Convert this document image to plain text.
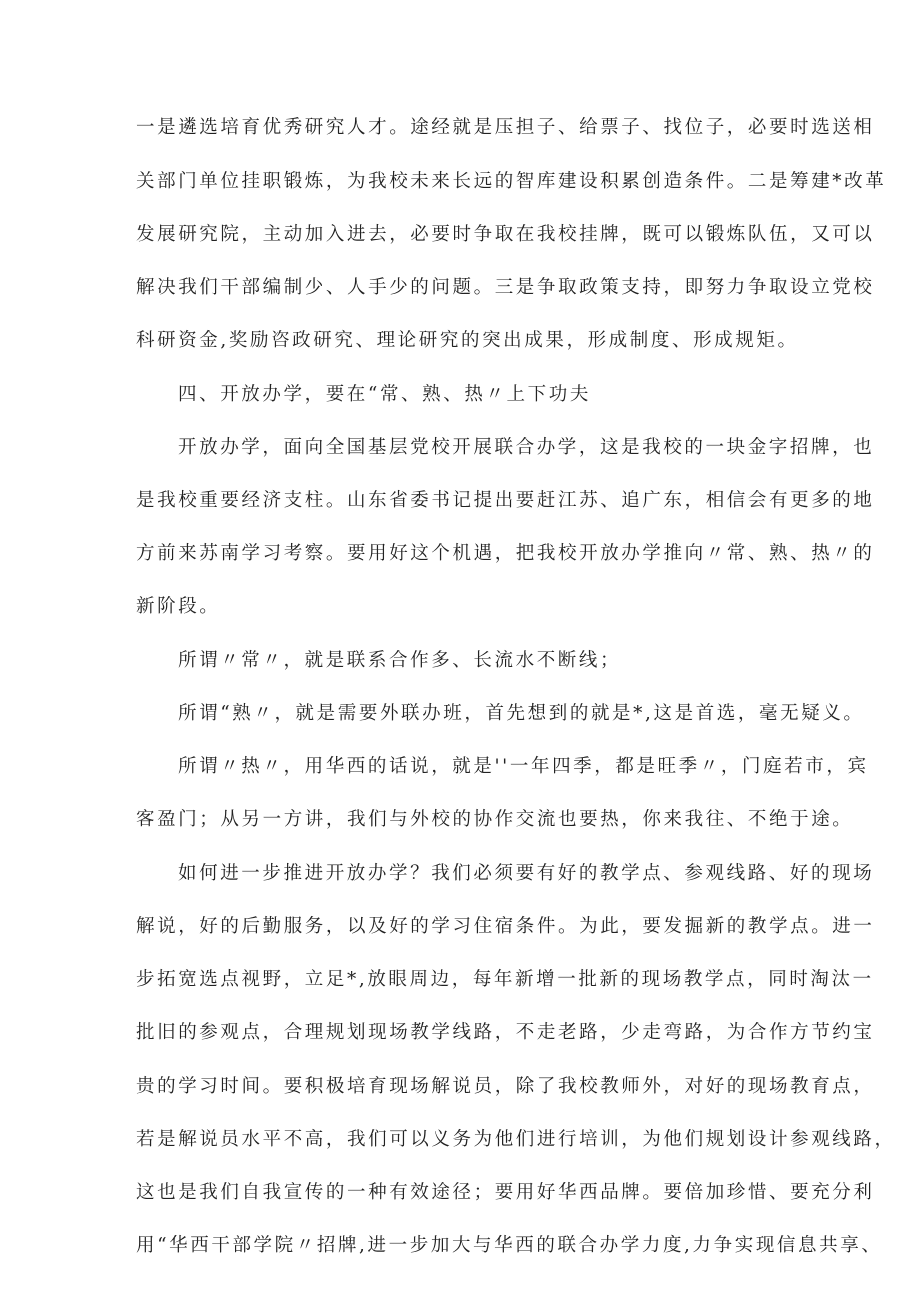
一是遴选培育优秀研究人才。途经就是压担子、给票子、找位子，必要时选送相
关部门单位挂职锻炼，为我校未来长远的智库建设积累创造条件。二是筹建*改革
发展研究院，主动加入进去，必要时争取在我校挂牌，既可以锻炼队伍，又可以
解决我们干部编制少、人手少的问题。三是争取政策支持，即努力争取设立党校
科研资金,奖励咨政研究、理论研究的突出成果，形成制度、形成规矩。
四、开放办学，要在“常、熟、热〃上下功夫
开放办学，面向全国基层党校开展联合办学，这是我校的一块金字招牌，也
是我校重要经济支柱。山东省委书记提出要赶江苏、追广东，相信会有更多的地
方前来苏南学习考察。要用好这个机遇，把我校开放办学推向〃常、熟、热〃的
新阶段。
所谓〃常〃，就是联系合作多、长流水不断线；
所谓“熟〃，就是需要外联办班，首先想到的就是*,这是首选，毫无疑义。
所谓〃热〃，用华西的话说，就是''一年四季，都是旺季〃，门庭若市，宾
客盈门；从另一方讲，我们与外校的协作交流也要热，你来我往、不绝于途。
如何进一步推进开放办学？我们必须要有好的教学点、参观线路、好的现场
解说，好的后勤服务，以及好的学习住宿条件。为此，要发掘新的教学点。进一
步拓宽选点视野，立足*,放眼周边，每年新增一批新的现场教学点，同时淘汰一
批旧的参观点，合理规划现场教学线路，不走老路，少走弯路，为合作方节约宝
贵的学习时间。要积极培育现场解说员，除了我校教师外，对好的现场教育点，
若是解说员水平不高，我们可以义务为他们进行培训，为他们规划设计参观线路，
这也是我们自我宣传的一种有效途径；要用好华西品牌。要倍加珍惜、要充分利
用“华西干部学院〃招牌,进一步加大与华西的联合办学力度,力争实现信息共享、
